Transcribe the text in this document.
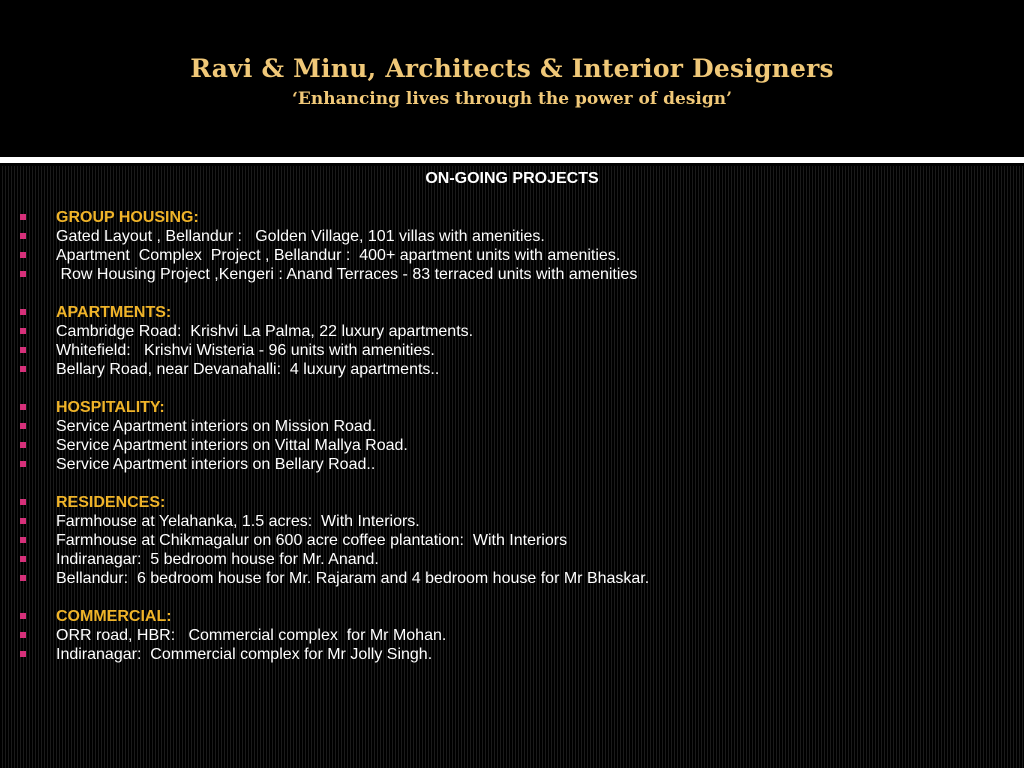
Ravi & Minu, Architects & Interior Designers
‘Enhancing lives through the power of design’
ON-GOING PROJECTS
GROUP HOUSING:
Gated Layout , Bellandur :   Golden Village, 101 villas with amenities.
Apartment  Complex  Project , Bellandur :  400+ apartment units with amenities.
Row Housing Project ,Kengeri : Anand Terraces - 83 terraced units with amenities
APARTMENTS:
Cambridge Road:  Krishvi La Palma, 22 luxury apartments.
Whitefield:   Krishvi Wisteria - 96 units with amenities.
Bellary Road, near Devanahalli:  4 luxury apartments..
HOSPITALITY:
Service Apartment interiors on Mission Road.
Service Apartment interiors on Vittal Mallya Road.
Service Apartment interiors on Bellary Road..
RESIDENCES:
Farmhouse at Yelahanka, 1.5 acres:  With Interiors.
Farmhouse at Chikmagalur on 600 acre coffee plantation:  With Interiors
Indiranagar:  5 bedroom house for Mr. Anand.
Bellandur:  6 bedroom house for Mr. Rajaram and 4 bedroom house for Mr Bhaskar.
COMMERCIAL:
ORR road, HBR:   Commercial complex  for Mr Mohan.
Indiranagar:  Commercial complex for Mr Jolly Singh.
